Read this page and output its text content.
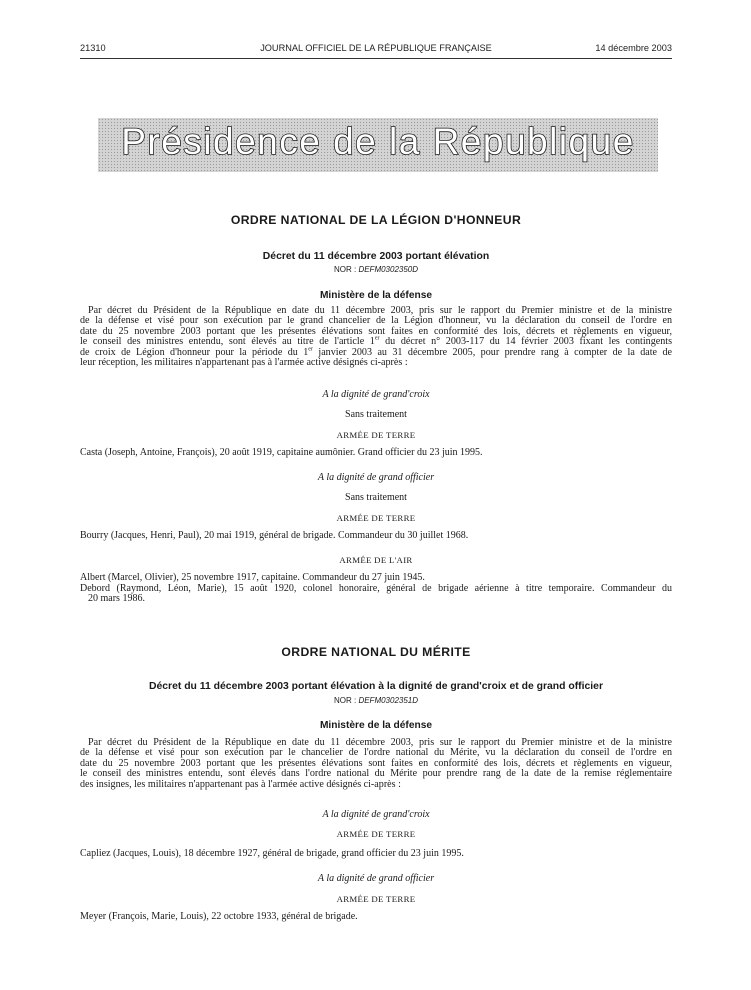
21310	JOURNAL OFFICIEL DE LA RÉPUBLIQUE FRANÇAISE	14 décembre 2003
Présidence de la République
ORDRE NATIONAL DE LA LÉGION D'HONNEUR
Décret du 11 décembre 2003 portant élévation
NOR : DEFM0302350D
Ministère de la défense
Par décret du Président de la République en date du 11 décembre 2003, pris sur le rapport du Premier ministre et de la ministre
de la défense et visé pour son exécution par le grand chancelier de la Légion d'honneur, vu la déclaration du conseil de l'ordre en
date du 25 novembre 2003 portant que les présentes élévations sont faites en conformité des lois, décrets et règlements en vigueur,
le conseil des ministres entendu, sont élevés au titre de l'article 1er du décret n° 2003-117 du 14 février 2003 fixant les contingents
de croix de Légion d'honneur pour la période du 1er janvier 2003 au 31 décembre 2005, pour prendre rang à compter de la date de
leur réception, les militaires n'appartenant pas à l'armée active désignés ci-après :
A la dignité de grand'croix
Sans traitement
ARMÉE DE TERRE
Casta (Joseph, Antoine, François), 20 août 1919, capitaine aumônier. Grand officier du 23 juin 1995.
A la dignité de grand officier
Sans traitement
ARMÉE DE TERRE
Bourry (Jacques, Henri, Paul), 20 mai 1919, général de brigade. Commandeur du 30 juillet 1968.
ARMÉE DE L'AIR
Albert (Marcel, Olivier), 25 novembre 1917, capitaine. Commandeur du 27 juin 1945.
Debord (Raymond, Léon, Marie), 15 août 1920, colonel honoraire, général de brigade aérienne à titre temporaire. Commandeur du
20 mars 1986.
ORDRE NATIONAL DU MÉRITE
Décret du 11 décembre 2003 portant élévation à la dignité de grand'croix et de grand officier
NOR : DEFM0302351D
Ministère de la défense
Par décret du Président de la République en date du 11 décembre 2003, pris sur le rapport du Premier ministre et de la ministre
de la défense et visé pour son exécution par le chancelier de l'ordre national du Mérite, vu la déclaration du conseil de l'ordre en
date du 25 novembre 2003 portant que les présentes élévations sont faites en conformité des lois, décrets et règlements en vigueur,
le conseil des ministres entendu, sont élevés dans l'ordre national du Mérite pour prendre rang de la date de la remise réglementaire
des insignes, les militaires n'appartenant pas à l'armée active désignés ci-après :
A la dignité de grand'croix
ARMÉE DE TERRE
Capliez (Jacques, Louis), 18 décembre 1927, général de brigade, grand officier du 23 juin 1995.
A la dignité de grand officier
ARMÉE DE TERRE
Meyer (François, Marie, Louis), 22 octobre 1933, général de brigade.
